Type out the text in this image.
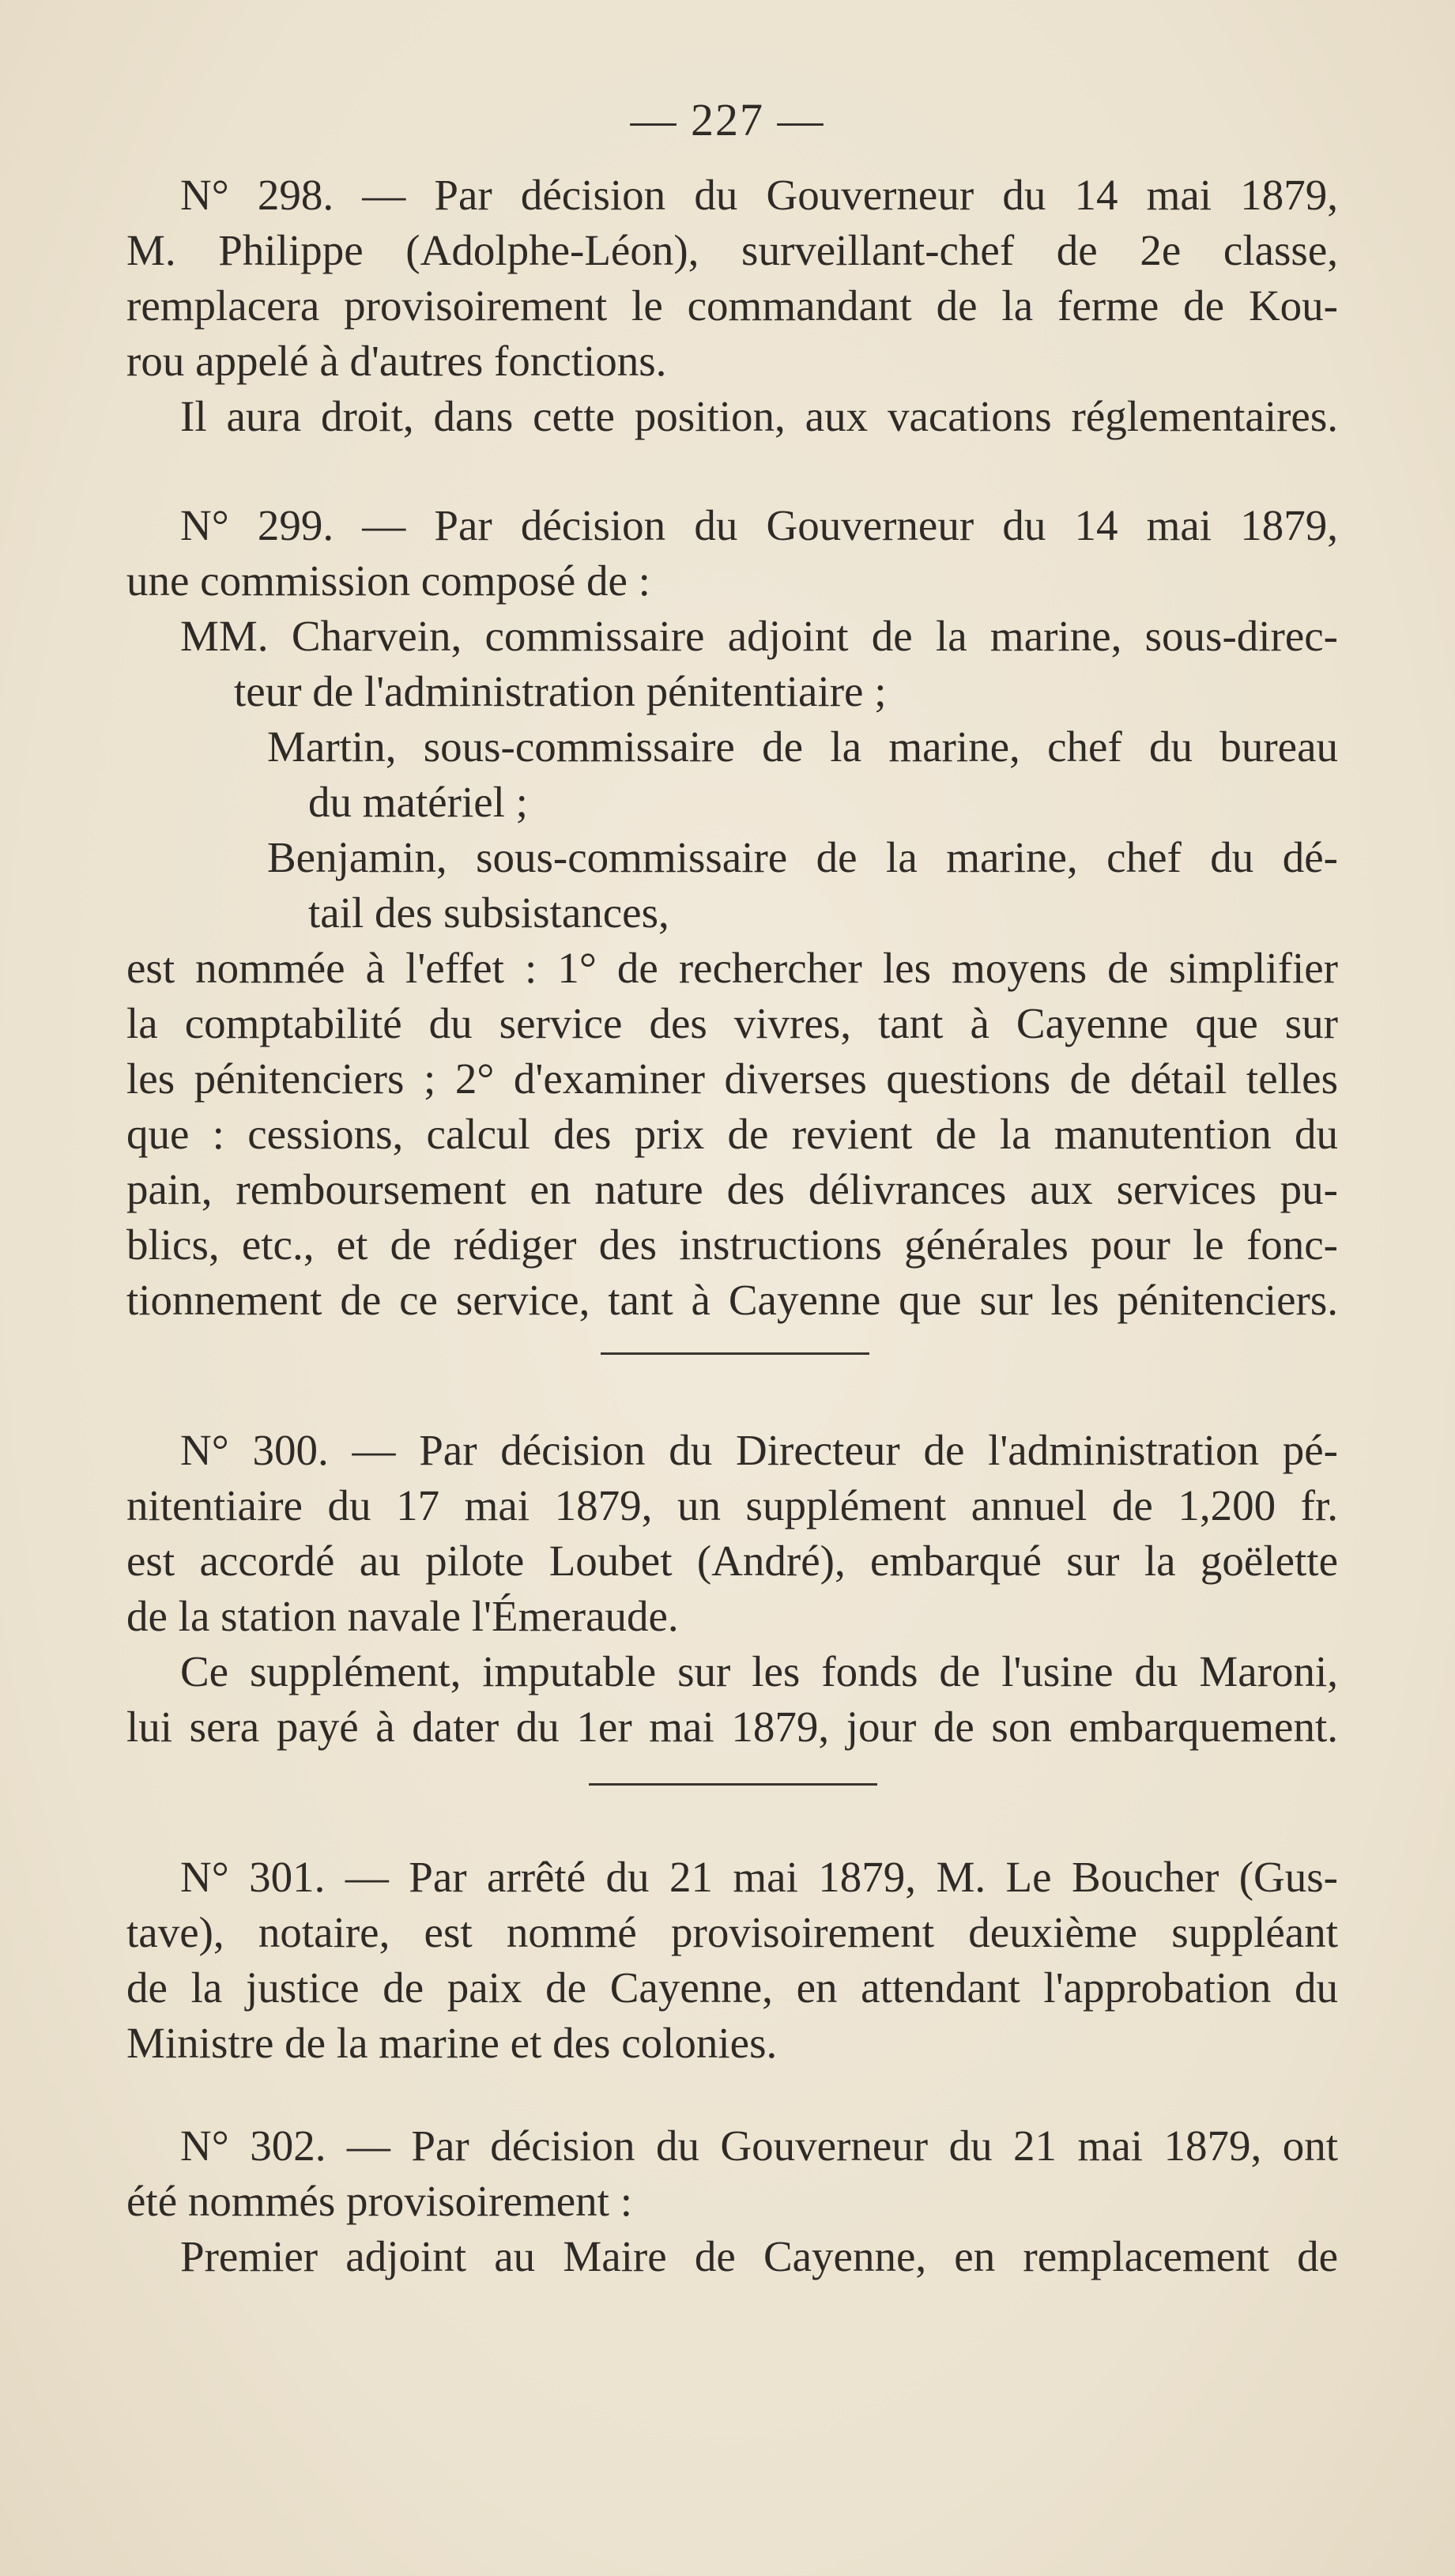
— 227 —
N° 298. — Par décision du Gouverneur du 14 mai 1879,
M. Philippe (Adolphe-Léon), surveillant-chef de 2e classe,
remplacera provisoirement le commandant de la ferme de Kou-
rou appelé à d'autres fonctions.
Il aura droit, dans cette position, aux vacations réglementaires.
N° 299. — Par décision du Gouverneur du 14 mai 1879,
une commission composé de :
MM. Charvein, commissaire adjoint de la marine, sous-direc-
teur de l'administration pénitentiaire ;
Martin, sous-commissaire de la marine, chef du bureau
du matériel ;
Benjamin, sous-commissaire de la marine, chef du dé-
tail des subsistances,
est nommée à l'effet : 1° de rechercher les moyens de simplifier
la comptabilité du service des vivres, tant à Cayenne que sur
les pénitenciers ; 2° d'examiner diverses questions de détail telles
que : cessions, calcul des prix de revient de la manutention du
pain, remboursement en nature des délivrances aux services pu-
blics, etc., et de rédiger des instructions générales pour le fonc-
tionnement de ce service, tant à Cayenne que sur les pénitenciers.
N° 300. — Par décision du Directeur de l'administration pé-
nitentiaire du 17 mai 1879, un supplément annuel de 1,200 fr.
est accordé au pilote Loubet (André), embarqué sur la goëlette
de la station navale l'Émeraude.
Ce supplément, imputable sur les fonds de l'usine du Maroni,
lui sera payé à dater du 1er mai 1879, jour de son embarquement.
N° 301. — Par arrêté du 21 mai 1879, M. Le Boucher (Gus-
tave), notaire, est nommé provisoirement deuxième suppléant
de la justice de paix de Cayenne, en attendant l'approbation du
Ministre de la marine et des colonies.
N° 302. — Par décision du Gouverneur du 21 mai 1879, ont
été nommés provisoirement :
Premier adjoint au Maire de Cayenne, en remplacement de
